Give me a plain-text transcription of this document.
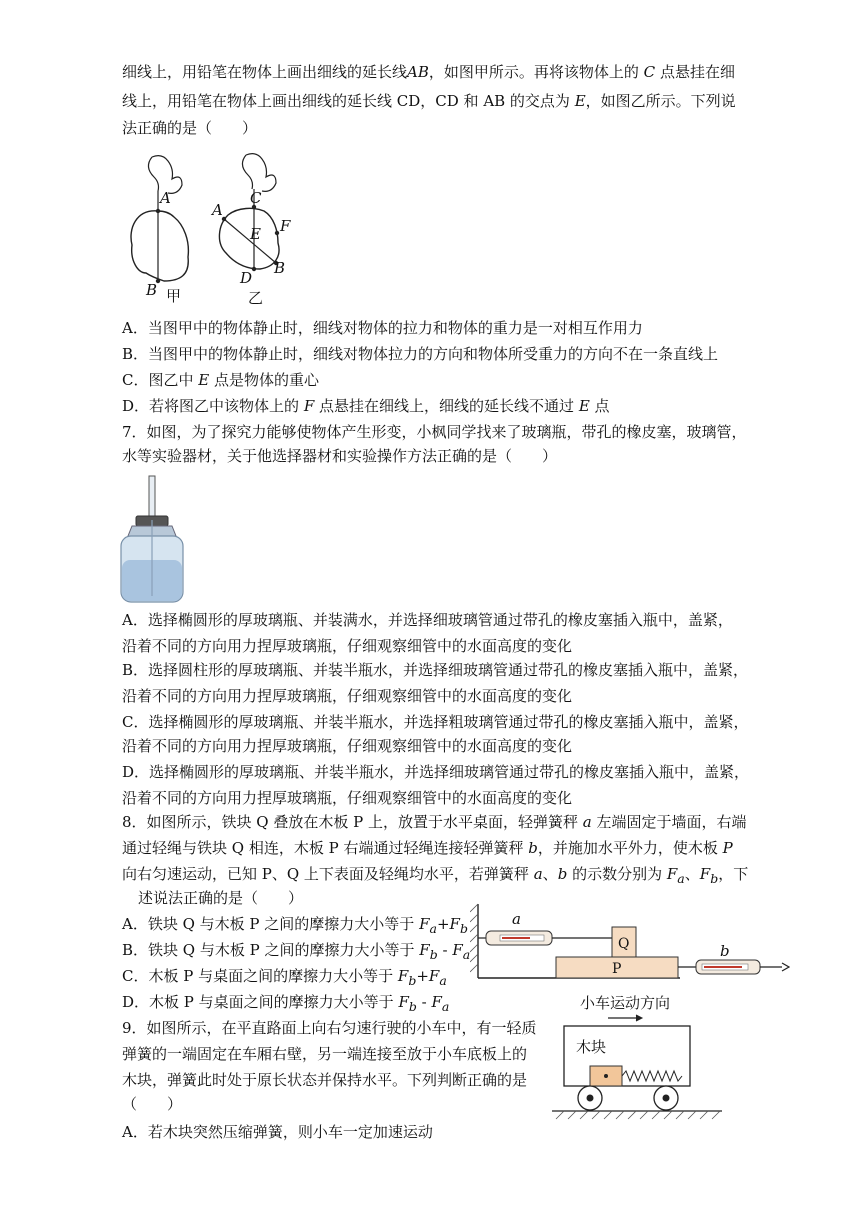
细线上，用铅笔在物体上画出细线的延长线AB，如图甲所示。再将该物体上的 C 点悬挂在细
线上，用铅笔在物体上画出细线的延长线 CD，CD 和 AB 的交点为 E，如图乙所示。下列说
法正确的是（　　）
A
B 甲
A
C
E F
D
B
乙
A．当图甲中的物体静止时，细线对物体的拉力和物体的重力是一对相互作用力
B．当图甲中的物体静止时，细线对物体拉力的方向和物体所受重力的方向不在一条直线上
C．图乙中 E 点是物体的重心
D．若将图乙中该物体上的 F 点悬挂在细线上，细线的延长线不通过 E 点
7．如图，为了探究力能够使物体产生形变，小枫同学找来了玻璃瓶，带孔的橡皮塞，玻璃管，
水等实验器材，关于他选择器材和实验操作方法正确的是（　　）
A．选择椭圆形的厚玻璃瓶、并装满水，并选择细玻璃管通过带孔的橡皮塞插入瓶中，盖紧，
沿着不同的方向用力捏厚玻璃瓶，仔细观察细管中的水面高度的变化
B．选择圆柱形的厚玻璃瓶、并装半瓶水，并选择细玻璃管通过带孔的橡皮塞插入瓶中，盖紧，
沿着不同的方向用力捏厚玻璃瓶，仔细观察细管中的水面高度的变化
C．选择椭圆形的厚玻璃瓶、并装半瓶水，并选择粗玻璃管通过带孔的橡皮塞插入瓶中，盖紧，
沿着不同的方向用力捏厚玻璃瓶，仔细观察细管中的水面高度的变化
D．选择椭圆形的厚玻璃瓶、并装半瓶水，并选择细玻璃管通过带孔的橡皮塞插入瓶中，盖紧，
沿着不同的方向用力捏厚玻璃瓶，仔细观察细管中的水面高度的变化
8．如图所示，铁块 Q 叠放在木板 P 上，放置于水平桌面，轻弹簧秤 a 左端固定于墙面，右端
通过轻绳与铁块 Q 相连，木板 P 右端通过轻绳连接轻弹簧秤 b，并施加水平外力，使木板 P
向右匀速运动，已知 P、Q 上下表面及轻绳均水平，若弹簧秤 a、b 的示数分别为 $F_a$、$F_b$，下
述说法正确的是（　　）
A．铁块 Q 与木板 P 之间的摩擦力大小等于 $F_a+F_b$
B．铁块 Q 与木板 P 之间的摩擦力大小等于 $F_b - F_a$
C．木板 P 与桌面之间的摩擦力大小等于 $F_b+F_a$
D．木板 P 与桌面之间的摩擦力大小等于 $F_b - F_a$
a
Q
P
b
9．如图所示，在平直路面上向右匀速行驶的小车中，有一轻质
弹簧的一端固定在车厢右壁，另一端连接至放于小车底板上的
木块，弹簧此时处于原长状态并保持水平。下列判断正确的是
（　　）
A．若木块突然压缩弹簧，则小车一定加速运动
小车运动方向
木块
